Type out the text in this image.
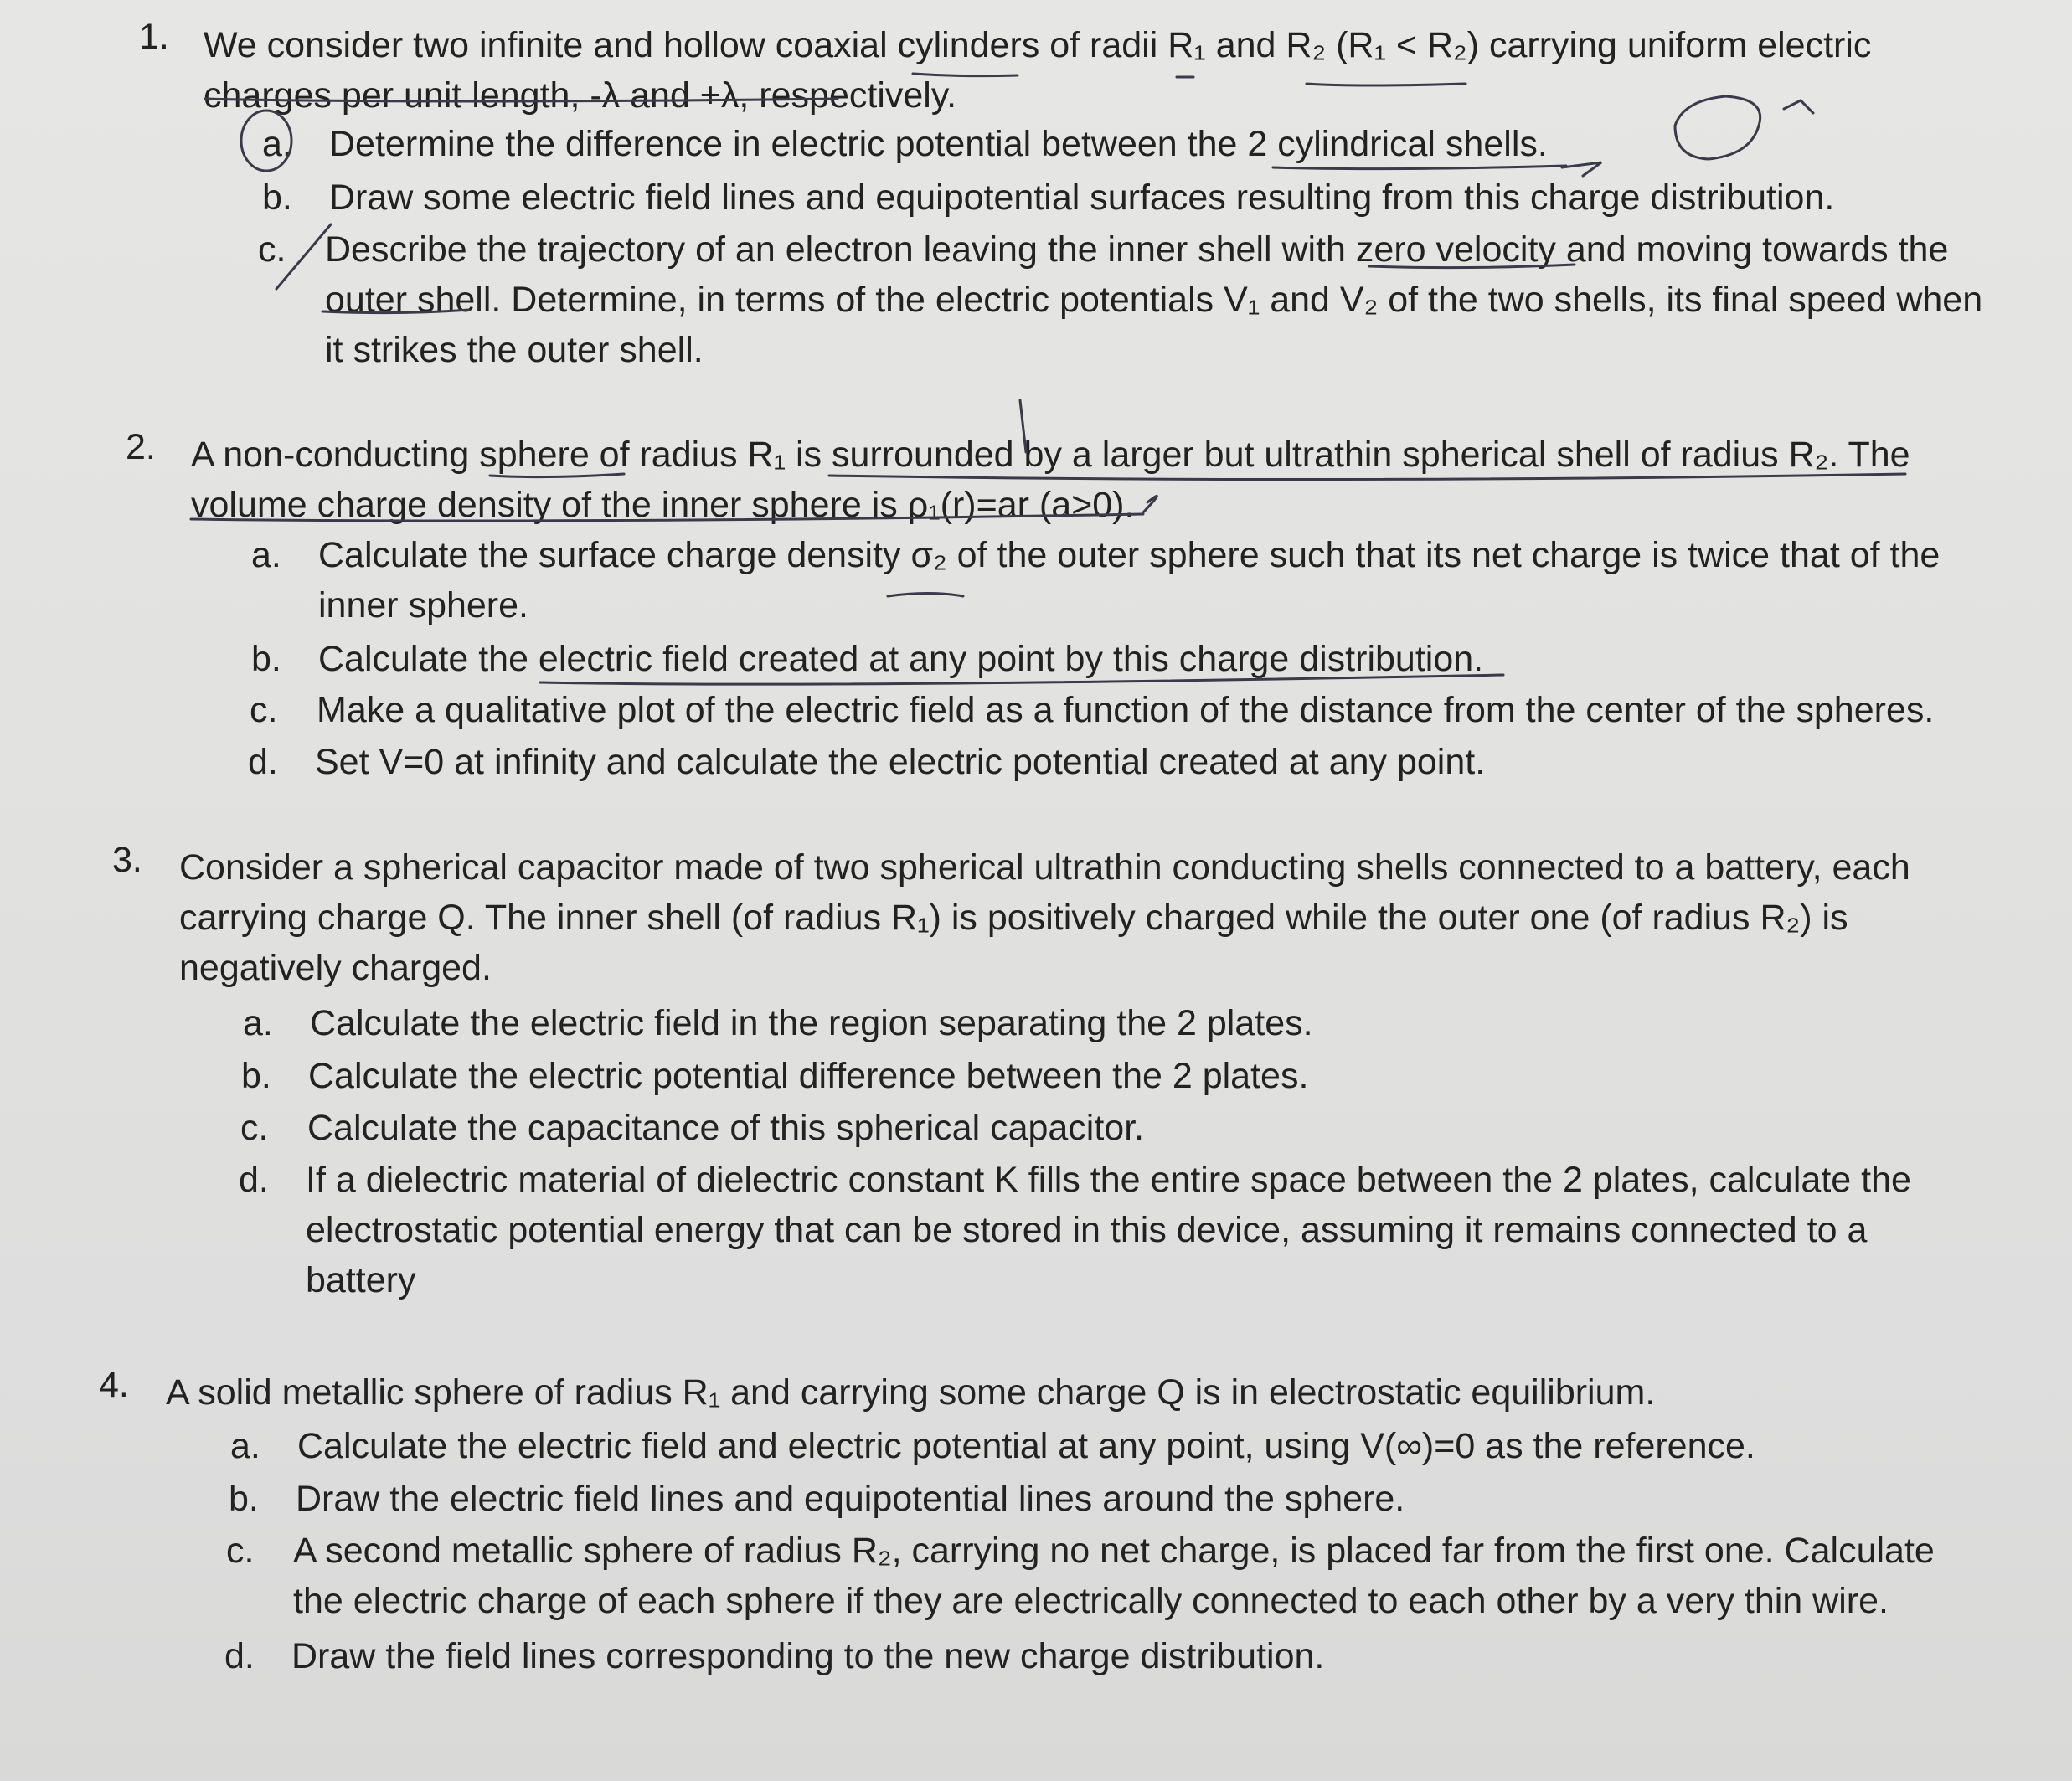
1. We consider two infinite and hollow coaxial cylinders of radii R₁ and R₂ (R₁ < R₂) carrying uniform electric charges per unit length, -λ and +λ, respectively.
a. Determine the difference in electric potential between the 2 cylindrical shells.
b. Draw some electric field lines and equipotential surfaces resulting from this charge distribution.
c. Describe the trajectory of an electron leaving the inner shell with zero velocity and moving towards the outer shell. Determine, in terms of the electric potentials V₁ and V₂ of the two shells, its final speed when it strikes the outer shell.
2. A non-conducting sphere of radius R₁ is surrounded by a larger but ultrathin spherical shell of radius R₂. The volume charge density of the inner sphere is ρ₁(r)=ar (a>0).
a. Calculate the surface charge density σ₂ of the outer sphere such that its net charge is twice that of the inner sphere.
b. Calculate the electric field created at any point by this charge distribution.
c. Make a qualitative plot of the electric field as a function of the distance from the center of the spheres.
d. Set V=0 at infinity and calculate the electric potential created at any point.
3. Consider a spherical capacitor made of two spherical ultrathin conducting shells connected to a battery, each carrying charge Q. The inner shell (of radius R₁) is positively charged while the outer one (of radius R₂) is negatively charged.
a. Calculate the electric field in the region separating the 2 plates.
b. Calculate the electric potential difference between the 2 plates.
c. Calculate the capacitance of this spherical capacitor.
d. If a dielectric material of dielectric constant K fills the entire space between the 2 plates, calculate the electrostatic potential energy that can be stored in this device, assuming it remains connected to a battery
4. A solid metallic sphere of radius R₁ and carrying some charge Q is in electrostatic equilibrium.
a. Calculate the electric field and electric potential at any point, using V(∞)=0 as the reference.
b. Draw the electric field lines and equipotential lines around the sphere.
c. A second metallic sphere of radius R₂, carrying no net charge, is placed far from the first one. Calculate the electric charge of each sphere if they are electrically connected to each other by a very thin wire.
d. Draw the field lines corresponding to the new charge distribution.
